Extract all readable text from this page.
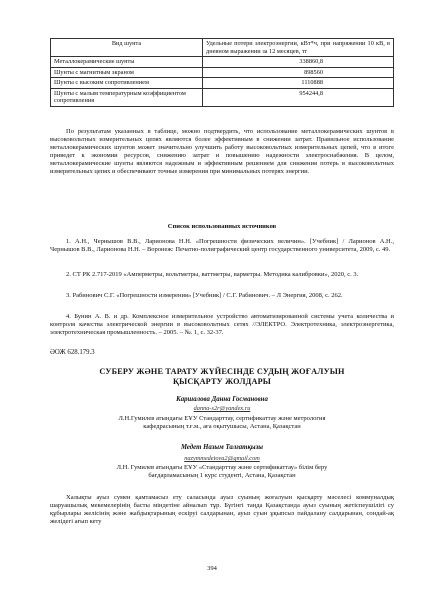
Вид шунта	Удельные потери электроэнергии, кВт*ч, при напряжении 10 кВ, в дневном выражении за 12 месяцев, тг
Металлокерамические шунты	338860,8
Шунты с магнитным экраном	898560
Шунты с высоким сопротивлением	1110888
Шунты с малым температурным коэффициентом сопротивления	954244,8
По результатам указанных в таблице, можно подтвердить, что использование металлокерамических шунтов в высоковольтных измерительных цепях являются более эффективным в снижении затрат. Правильное использование металлокерамических шунтов может значительно улучшить работу высоковольтных измерительных цепей, что в итоге приведет к экономии ресурсов, снижению затрат и повышению надежности электроснабжения. В целом, металлокерамические шунты являются надежным и эффективным решением для снижения потерь в высоковольтных измерительных цепях и обеспечивают точные измерения при минимальных потерях энергии.
Список использованных источников
1. А.Н., Чернышов В.В., Ларионова Н.Н. «Погрешности физических величин». [Учебник] / Ларионов А.Н., Чернышов В.В., Ларионова Н.Н. – Воронеж: Печатно-полиграфический центр государственного университета, 2009, с. 49.
2. СТ РК 2.717-2019 «Амперметры, вольтметры, ваттметры, варметры. Методика калибровки», 2020, с. 3.
3. Рабинович С.Г. «Погрешности измерения» [Учебник] / С.Г. Рабинович. – Л Энергия, 2008, с. 262.
4. Бунин А. В. и др. Комплексное измерительное устройство автоматизированной системы учета количества и контроля качества электрической энергии в высоковольтных сетях //ЭЛЕКТРО. Электротехника, электроэнергетика, электротехническая промышленность. – 2005. – №. 1, с. 32-37.
ӘОЖ 628.179.3
СУБЕРУ ЖӘНЕ ТАРАТУ ЖҮЙЕСІНДЕ СУДЫҢ ЖОҒАЛУЫН
ҚЫСҚАРТУ ЖОЛДАРЫ
Каршалова Данна Госмановна
danna-s2r@yandex.ru
Л.Н.Гумилев атындағы ЕҰУ Стандарттау, сертификаттау және метрология
кафедрасының т.ғ.м., аға оқытушысы, Астана, Қазақстан
Медет Назым Талғатқызы
nazymmedetova2@gmail.com
Л.Н. Гумилев атындағы ЕҰУ «Стандарттау және сертификаттау» білім беру
бағдарламасының 1 курс студенті, Астана, Қазақстан
Халықты ауыз сумен қамтамасыз ету саласында ауыз суының жоғалуын қысқарту мәселесі коммуналдық шаруашылық мекемелерінің басты міндетіне айналып тұр. Бүгінгі таңда Қазақстанда ауыз суының жетіспеушілігі су құбырлары желісінің және жабдықтарының ескіруі салдарынан, ауыз суын ұқыпсыз пайдалану салдарынан, сондай-ақ желідегі ағып кету
394
